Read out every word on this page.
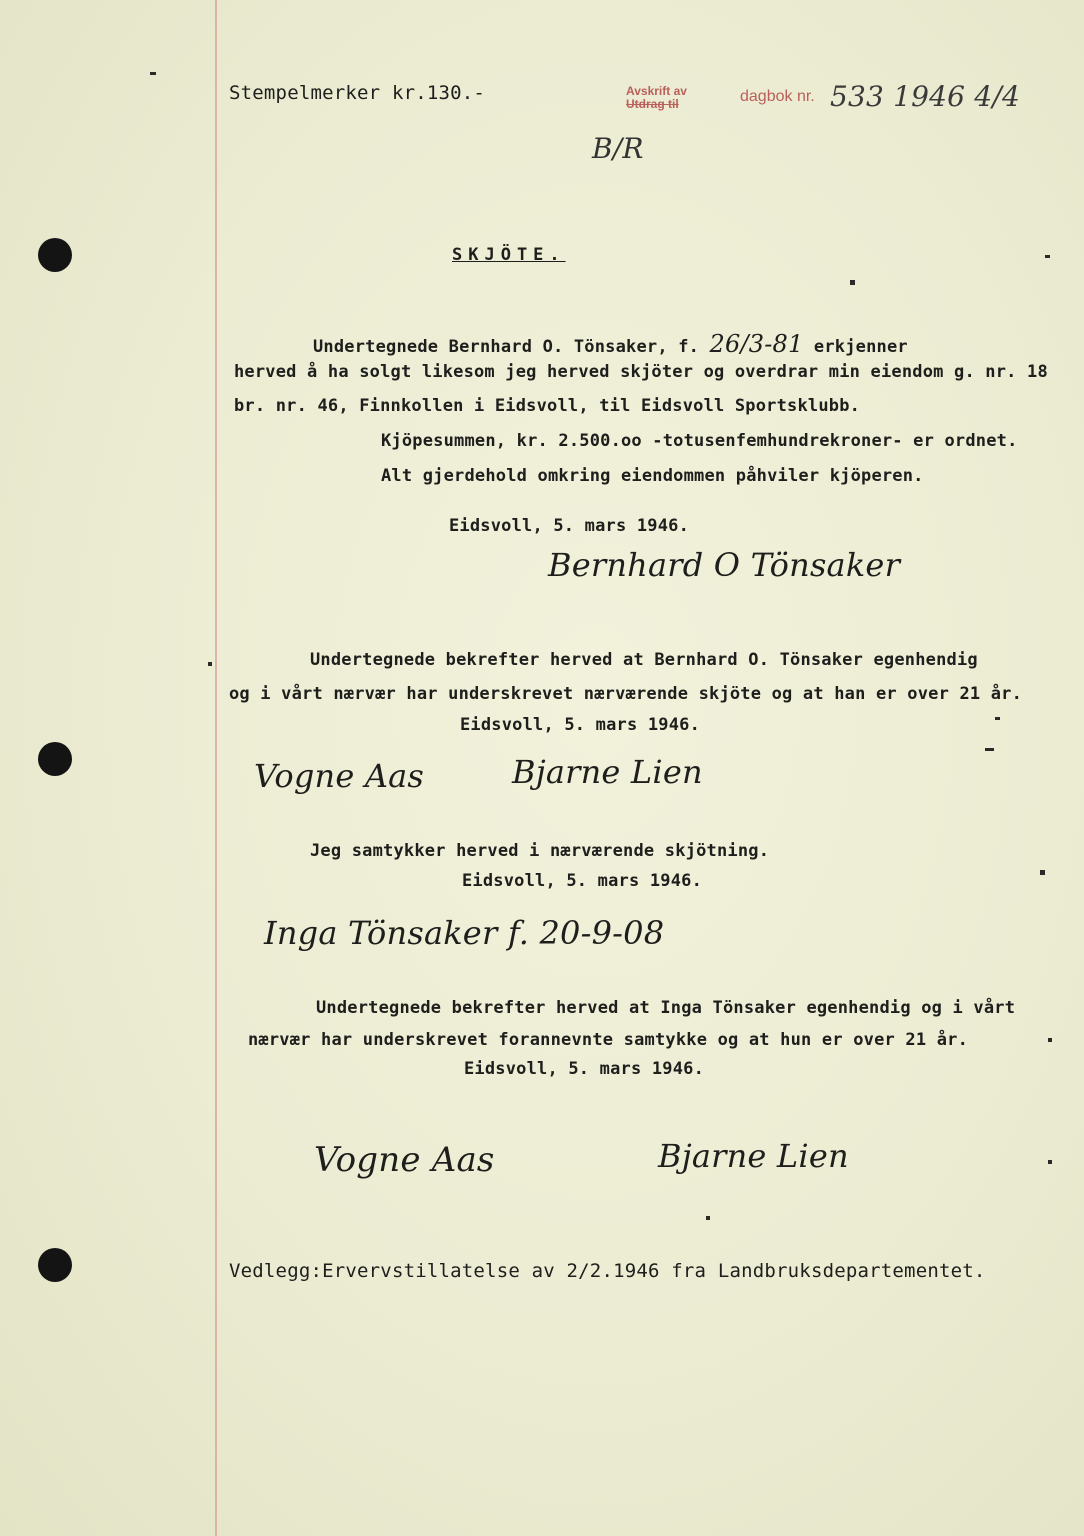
Stempelmerker kr.130.-	Avskrift av
Utdrag til	dagbok nr. 533 1946 4/4
B/R
SKJÖTE.
Undertegnede Bernhard O. Tönsaker, f. 26/3-81 erkjenner
herved å ha solgt likesom jeg herved skjöter og overdrar min eiendom g. nr. 18
br. nr. 46, Finnkollen i Eidsvoll, til Eidsvoll Sportsklubb.
Kjöpesummen, kr. 2.500.oo -totusenfemhundrekroner- er ordnet.
Alt gjerdehold omkring eiendommen påhviler kjöperen.
Eidsvoll, 5. mars 1946.
Bernhard O Tönsaker
Undertegnede bekrefter herved at Bernhard O. Tönsaker egenhendig
og i vårt nærvær har underskrevet nærværende skjöte og at han er over 21 år.
Eidsvoll, 5. mars 1946.
Vogne Aas	Bjarne Lien
Jeg samtykker herved i nærværende skjötning.
Eidsvoll, 5. mars 1946.
Inga Tönsaker f. 20-9-08
Undertegnede bekrefter herved at Inga Tönsaker egenhendig og i vårt
nærvær har underskrevet forannevnte samtykke og at hun er over 21 år.
Eidsvoll, 5. mars 1946.
Vogne Aas	Bjarne Lien
Vedlegg:Ervervstillatelse av 2/2.1946 fra Landbruksdepartementet.
